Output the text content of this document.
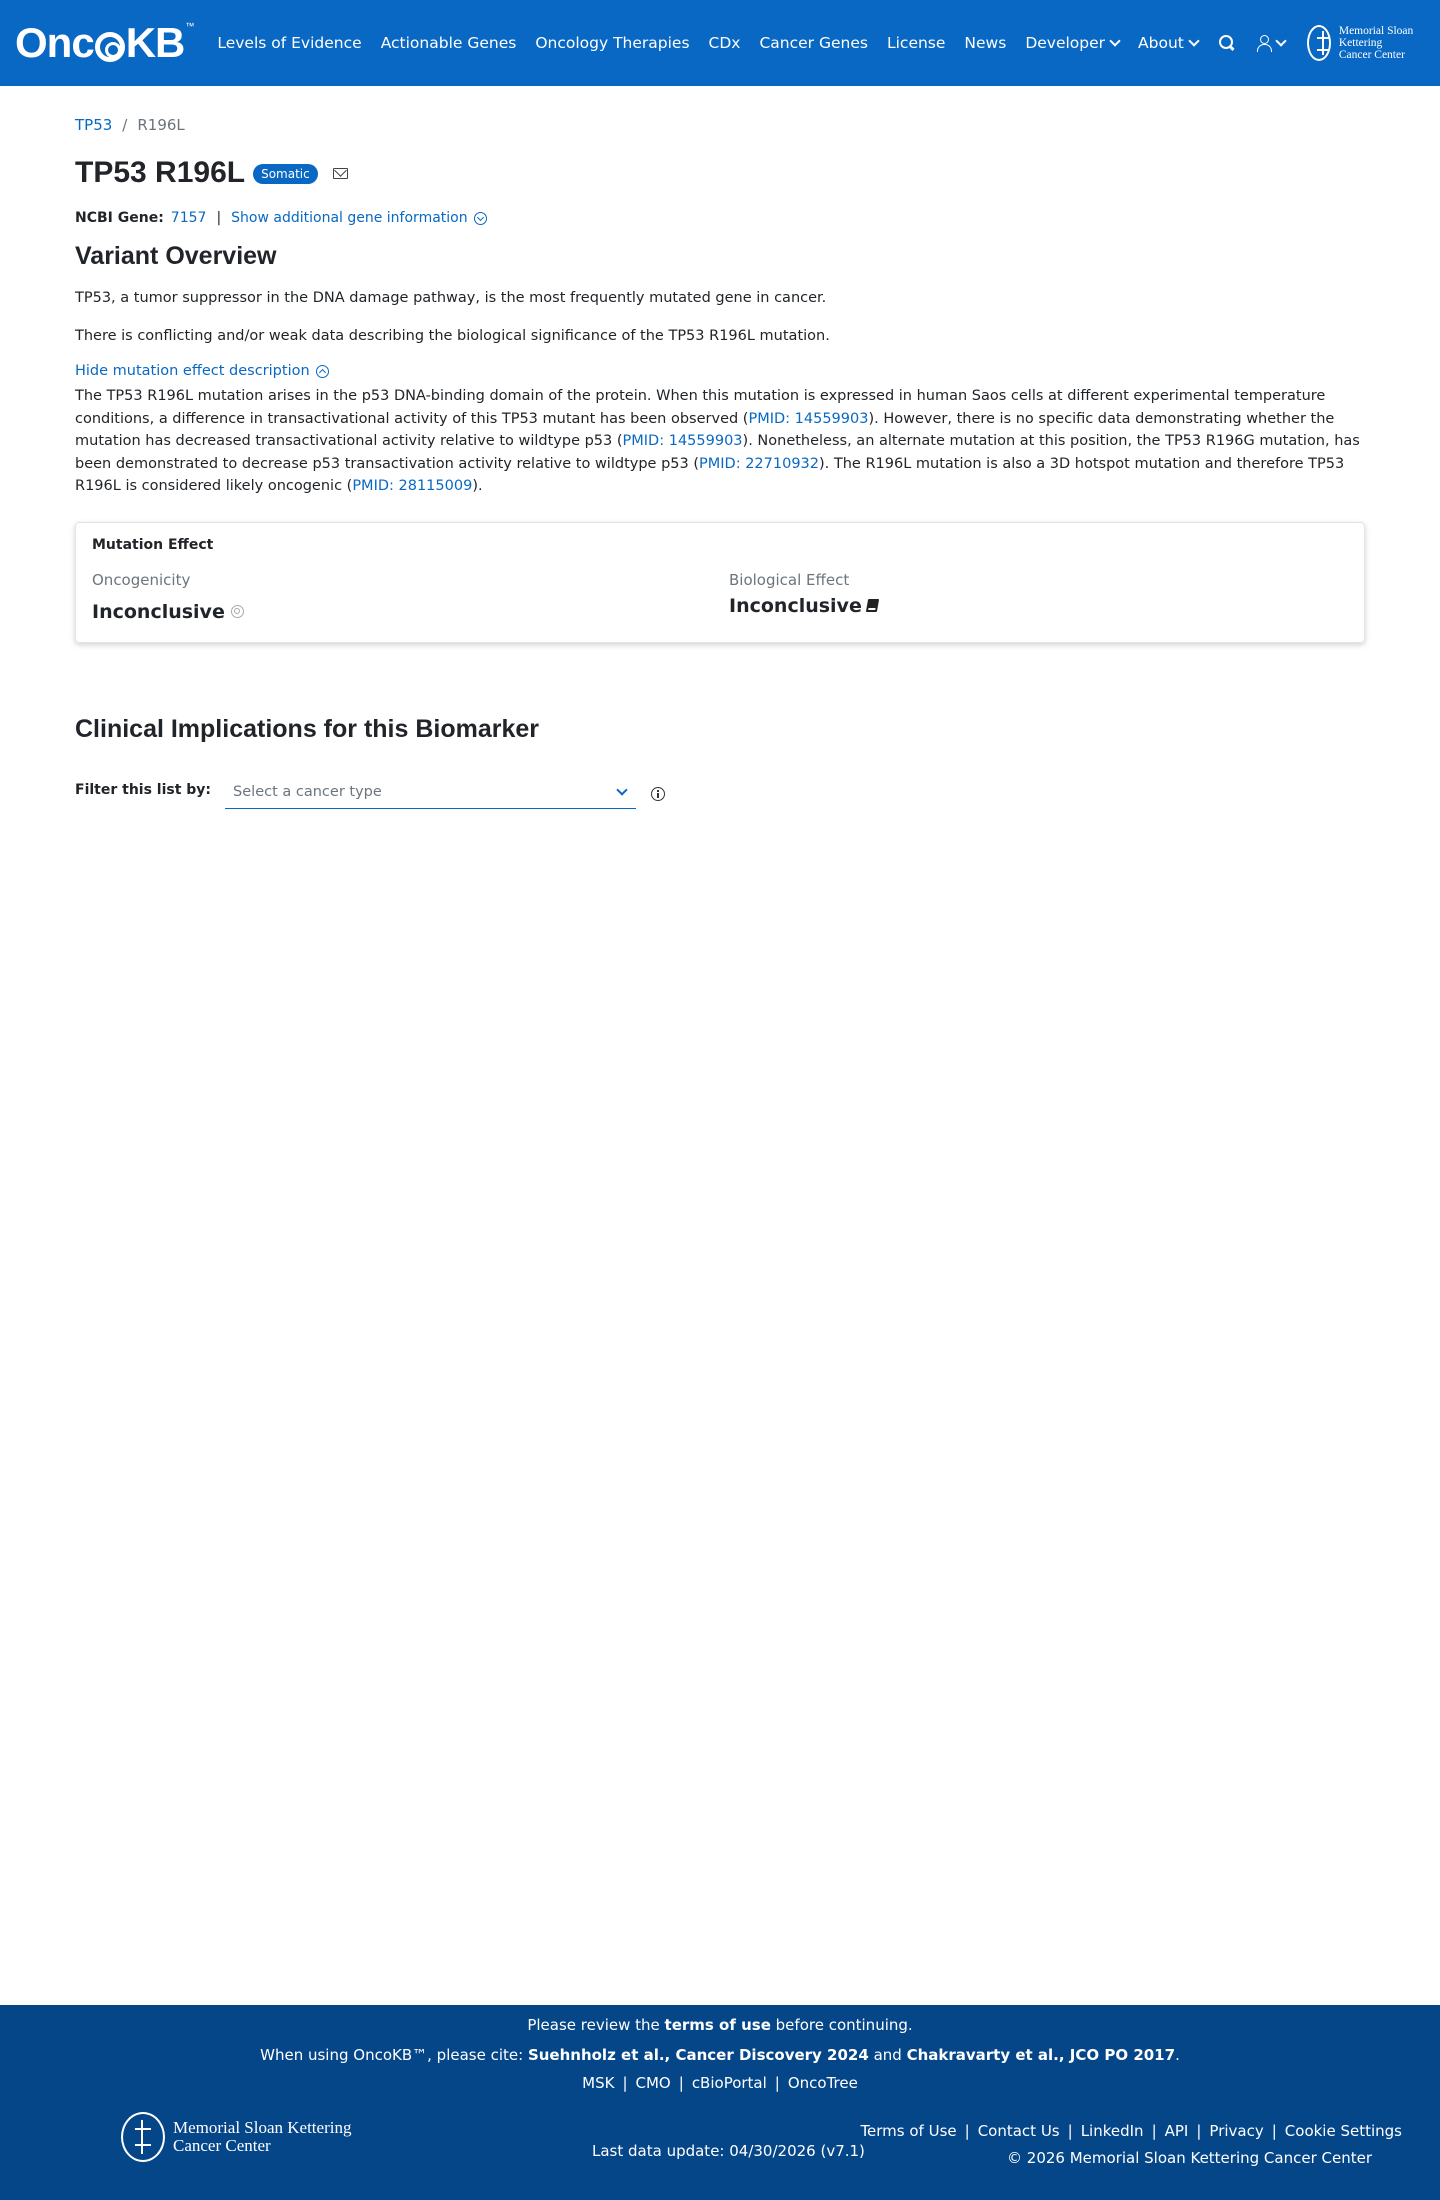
Onc KB ™
Levels of Evidence Actionable Genes Oncology Therapies CDx Cancer Genes License News Developer About
Memorial Sloan Kettering
Cancer Center
TP53 / R196L
TP53 R196L	Somatic
NCBI Gene: 7157 | Show additional gene information
Variant Overview

TP53, a tumor suppressor in the DNA damage pathway, is the most frequently mutated gene in cancer.

There is conflicting and/or weak data describing the biological significance of the TP53 R196L mutation.

Hide mutation effect description

The TP53 R196L mutation arises in the p53 DNA-binding domain of the protein. When this mutation is expressed in human Saos cells at different experimental temperature conditions, a difference in transactivational activity of this TP53 mutant has been observed (PMID: 14559903). However, there is no specific data demonstrating whether the mutation has decreased transactivational activity relative to wildtype p53 (PMID: 14559903). Nonetheless, an alternate mutation at this position, the TP53 R196G mutation, has been demonstrated to decrease p53 transactivation activity relative to wildtype p53 (PMID: 22710932). The R196L mutation is also a 3D hotspot mutation and therefore TP53 R196L is considered likely oncogenic (PMID: 28115009).

Mutation Effect
Oncogenicity
Inconclusive
Biological Effect
Inconclusive
Clinical Implications for this Biomarker
Filter this list by: Select a cancer type
Please review the terms of use before continuing.
When using OncoKB™, please cite: Suehnholz et al., Cancer Discovery 2024 and Chakravarty et al., JCO PO 2017.
MSK | CMO | cBioPortal | OncoTree
Memorial Sloan Kettering
Cancer Center	Last data update: 04/30/2026 (v7.1)
Terms of Use | Contact Us | LinkedIn | API | Privacy | Cookie Settings
© 2026 Memorial Sloan Kettering Cancer Center
